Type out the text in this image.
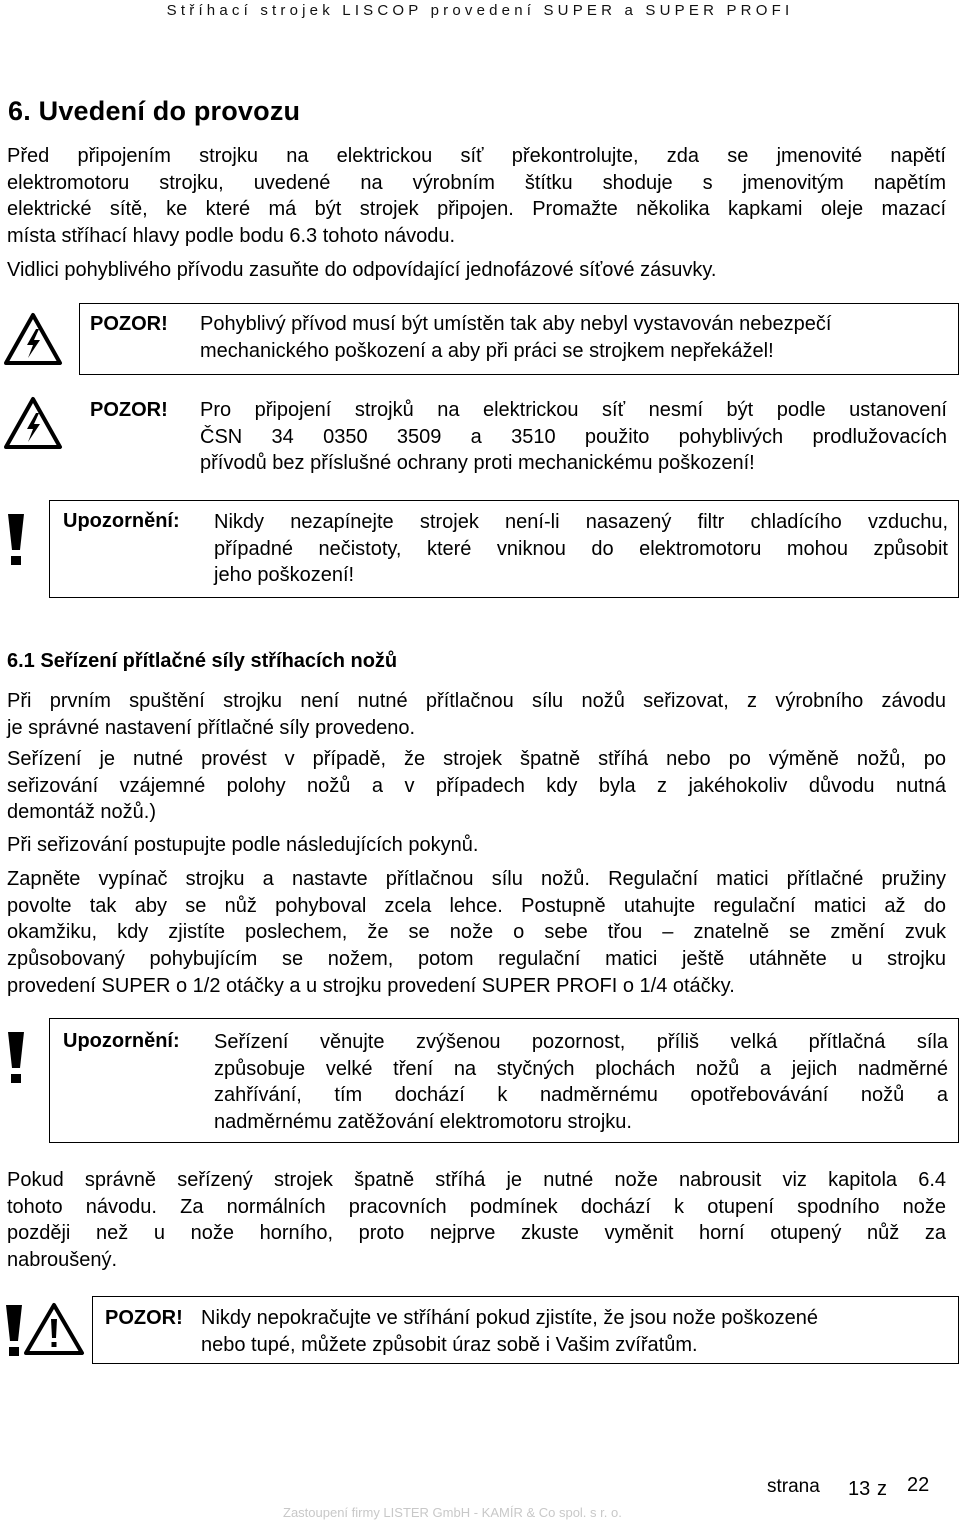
Stříhací strojek LISCOP provedení SUPER a SUPER PROFI
6. Uvedení do provozu
Před připojením strojku na elektrickou síť překontrolujte, zda se jmenovité napětí
elektromotoru strojku, uvedené na výrobním štítku shoduje s jmenovitým napětím
elektrické sítě, ke které má být strojek připojen. Promažte několika kapkami oleje mazací
místa stříhací hlavy podle bodu 6.3 tohoto návodu.
Vidlici pohyblivého přívodu zasuňte do odpovídající jednofázové síťové zásuvky.
POZOR! Pohyblivý přívod musí být umístěn tak aby nebyl vystavován nebezpečí
mechanického poškození a aby při práci se strojkem nepřekážel!
POZOR! Pro připojení strojků na elektrickou síť nesmí být podle ustanovení
ČSN 34 0350 3509 a 3510 použito pohyblivých prodlužovacích
přívodů bez příslušné ochrany proti mechanickému poškození!
Upozornění: Nikdy nezapínejte strojek není-li nasazený filtr chladícího vzduchu,
případné nečistoty, které vniknou do elektromotoru mohou způsobit
jeho poškození!
6.1 Seřízení přítlačné síly stříhacích nožů
Při prvním spuštění strojku není nutné přítlačnou sílu nožů seřizovat, z výrobního závodu
je správné nastavení přítlačné síly provedeno.
Seřízení je nutné provést v případě, že strojek špatně stříhá nebo po výměně nožů, po
seřizování vzájemné polohy nožů a v případech kdy byla z jakéhokoliv důvodu nutná
demontáž nožů.)
Při seřizování postupujte podle následujících pokynů.
Zapněte vypínač strojku a nastavte přítlačnou sílu nožů. Regulační matici přítlačné pružiny
povolte tak aby se nůž pohyboval zcela lehce. Postupně utahujte regulační matici až do
okamžiku, kdy zjistíte poslechem, že se nože o sebe třou – znatelně se změní zvuk
způsobovaný pohybujícím se nožem, potom regulační matici ještě utáhněte u strojku
provedení SUPER o 1/2 otáčky a u strojku provedení SUPER PROFI o 1/4 otáčky.
Upozornění: Seřízení věnujte zvýšenou pozornost, příliš velká přítlačná síla
způsobuje velké tření na styčných plochách nožů a jejich nadměrné
zahřívání, tím dochází k nadměrnému opotřebovávání nožů a
nadměrnému zatěžování elektromotoru strojku.
Pokud správně seřízený strojek špatně stříhá je nutné nože nabrousit viz kapitola 6.4
tohoto návodu. Za normálních pracovních podmínek dochází k otupení spodního nože
později než u nože horního, proto nejprve zkuste vyměnit horní otupený nůž za
nabroušený.
POZOR! Nikdy nepokračujte ve stříhání pokud zjistíte, že jsou nože poškozené
nebo tupé, můžete způsobit úraz sobě i Vašim zvířatům.
strana 13 z 22
Zastoupení firmy LISTER GmbH - KAMÍR & Co spol. s r. o.
